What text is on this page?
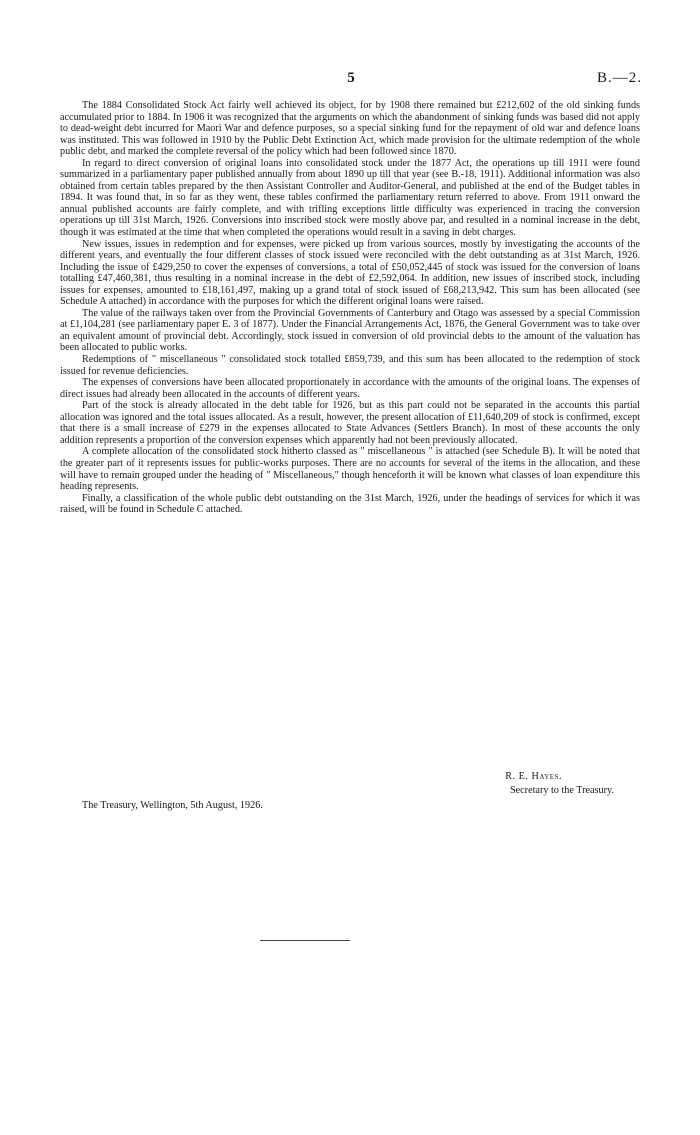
5	B.—2.

The 1884 Consolidated Stock Act fairly well achieved its object, for by 1908 there remained but £212,602 of the old sinking funds accumulated prior to 1884. In 1906 it was recognized that the arguments on which the abandonment of sinking funds was based did not apply to dead-weight debt incurred for Maori War and defence purposes, so a special sinking fund for the repayment of old war and defence loans was instituted. This was followed in 1910 by the Public Debt Extinction Act, which made provision for the ultimate redemption of the whole public debt, and marked the complete reversal of the policy which had been followed since 1870.

In regard to direct conversion of original loans into consolidated stock under the 1877 Act, the operations up till 1911 were found summarized in a parliamentary paper published annually from about 1890 up till that year (see B.-18, 1911). Additional information was also obtained from certain tables prepared by the then Assistant Controller and Auditor-General, and published at the end of the Budget tables in 1894. It was found that, in so far as they went, these tables confirmed the parliamentary return referred to above. From 1911 onward the annual published accounts are fairly complete, and with trifling exceptions little difficulty was experienced in tracing the conversion operations up till 31st March, 1926. Conversions into inscribed stock were mostly above par, and resulted in a nominal increase in the debt, though it was estimated at the time that when completed the operations would result in a saving in debt charges.

New issues, issues in redemption and for expenses, were picked up from various sources, mostly by investigating the accounts of the different years, and eventually the four different classes of stock issued were reconciled with the debt outstanding as at 31st March, 1926. Including the issue of £429,250 to cover the expenses of conversions, a total of £50,052,445 of stock was issued for the conversion of loans totalling £47,460,381, thus resulting in a nominal increase in the debt of £2,592,064. In addition, new issues of inscribed stock, including issues for expenses, amounted to £18,161,497, making up a grand total of stock issued of £68,213,942. This sum has been allocated (see Schedule A attached) in accordance with the purposes for which the different original loans were raised.

The value of the railways taken over from the Provincial Governments of Canterbury and Otago was assessed by a special Commission at £1,104,281 (see parliamentary paper E. 3 of 1877). Under the Financial Arrangements Act, 1876, the General Government was to take over an equivalent amount of provincial debt. Accordingly, stock issued in conversion of old provincial debts to the amount of the valuation has been allocated to public works.

Redemptions of " miscellaneous " consolidated stock totalled £859,739, and this sum has been allocated to the redemption of stock issued for revenue deficiencies.

The expenses of conversions have been allocated proportionately in accordance with the amounts of the original loans. The expenses of direct issues had already been allocated in the accounts of different years.

Part of the stock is already allocated in the debt table for 1926, but as this part could not be separated in the accounts this partial allocation was ignored and the total issues allocated. As a result, however, the present allocation of £11,640,209 of stock is confirmed, except that there is a small increase of £279 in the expenses allocated to State Advances (Settlers Branch). In most of these accounts the only addition represents a proportion of the conversion expenses which apparently had not been previously allocated.

A complete allocation of the consolidated stock hitherto classed as " miscellaneous " is attached (see Schedule B). It will be noted that the greater part of it represents issues for public-works purposes. There are no accounts for several of the items in the allocation, and these will have to remain grouped under the heading of " Miscellaneous," though henceforth it will be known what classes of loan expenditure this heading represents.

Finally, a classification of the whole public debt outstanding on the 31st March, 1926, under the headings of services for which it was raised, will be found in Schedule C attached.

R. E. Hayes.
Secretary to the Treasury.
The Treasury, Wellington, 5th August, 1926.
